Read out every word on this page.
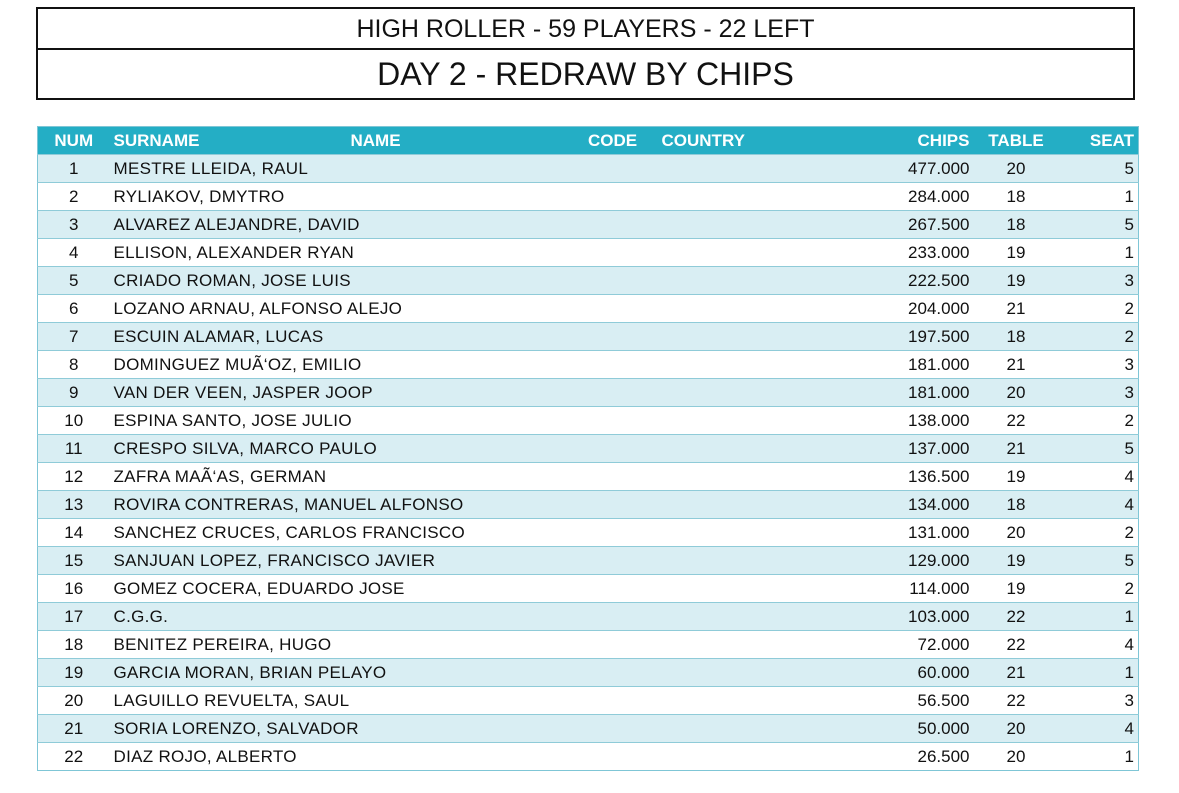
HIGH ROLLER - 59 PLAYERS - 22 LEFT
DAY 2 - REDRAW BY CHIPS
NUM	SURNAME	NAME	CODE	COUNTRY	CHIPS	TABLE	SEAT
1	MESTRE LLEIDA, RAUL				477.000	20	5
2	RYLIAKOV, DMYTRO				284.000	18	1
3	ALVAREZ ALEJANDRE, DAVID				267.500	18	5
4	ELLISON, ALEXANDER RYAN				233.000	19	1
5	CRIADO ROMAN, JOSE LUIS				222.500	19	3
6	LOZANO ARNAU, ALFONSO ALEJO				204.000	21	2
7	ESCUIN ALAMAR, LUCAS				197.500	18	2
8	DOMINGUEZ MUÃ‘OZ, EMILIO				181.000	21	3
9	VAN DER VEEN, JASPER JOOP				181.000	20	3
10	ESPINA SANTO, JOSE JULIO				138.000	22	2
11	CRESPO SILVA, MARCO PAULO				137.000	21	5
12	ZAFRA MAÃ‘AS, GERMAN				136.500	19	4
13	ROVIRA CONTRERAS, MANUEL ALFONSO				134.000	18	4
14	SANCHEZ CRUCES, CARLOS FRANCISCO				131.000	20	2
15	SANJUAN LOPEZ, FRANCISCO JAVIER				129.000	19	5
16	GOMEZ COCERA, EDUARDO JOSE				114.000	19	2
17	C.G.G.				103.000	22	1
18	BENITEZ PEREIRA, HUGO				72.000	22	4
19	GARCIA MORAN, BRIAN PELAYO				60.000	21	1
20	LAGUILLO REVUELTA, SAUL				56.500	22	3
21	SORIA LORENZO, SALVADOR				50.000	20	4
22	DIAZ ROJO, ALBERTO				26.500	20	1
